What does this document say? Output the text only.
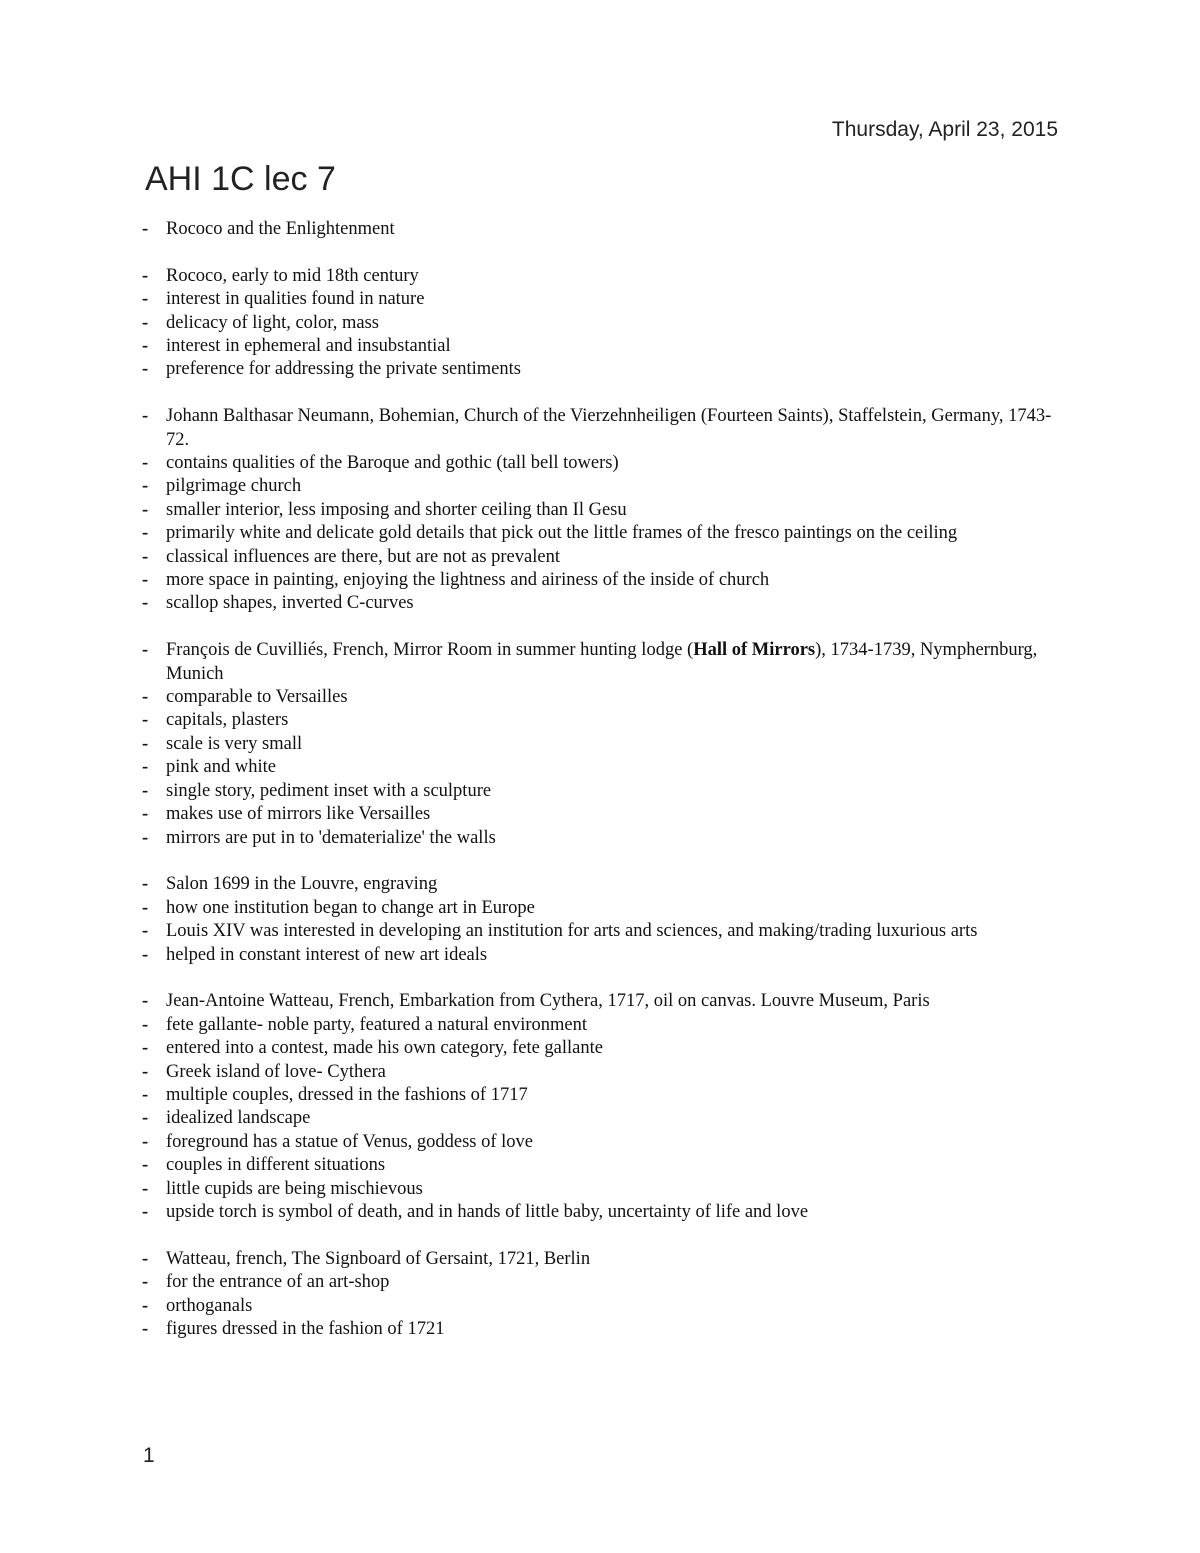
Thursday, April 23, 2015
AHI 1C lec 7
- Rococo and the Enlightenment
- Rococo, early to mid 18th century
- interest in qualities found in nature
- delicacy of light, color, mass
- interest in ephemeral and insubstantial
- preference for addressing the private sentiments
- Johann Balthasar Neumann, Bohemian, Church of the Vierzehnheiligen (Fourteen Saints), Staffelstein, Germany, 1743-72.
- contains qualities of the Baroque and gothic (tall bell towers)
- pilgrimage church
- smaller interior, less imposing and shorter ceiling than Il Gesu
- primarily white and delicate gold details that pick out the little frames of the fresco paintings on the ceiling
- classical influences are there, but are not as prevalent
- more space in painting, enjoying the lightness and airiness of the inside of church
- scallop shapes, inverted C-curves
- François de Cuvilliés, French, Mirror Room in summer hunting lodge (Hall of Mirrors), 1734-1739, Nymphernburg, Munich
- comparable to Versailles
- capitals, plasters
- scale is very small
- pink and white
- single story, pediment inset with a sculpture
- makes use of mirrors like Versailles
- mirrors are put in to 'dematerialize' the walls
- Salon 1699 in the Louvre, engraving
- how one institution began to change art in Europe
- Louis XIV was interested in developing an institution for arts and sciences, and making/trading luxurious arts
- helped in constant interest of new art ideals
- Jean-Antoine Watteau, French, Embarkation from Cythera, 1717, oil on canvas. Louvre Museum, Paris
- fete gallante- noble party, featured a natural environment
- entered into a contest, made his own category, fete gallante
- Greek island of love- Cythera
- multiple couples, dressed in the fashions of 1717
- idealized landscape
- foreground has a statue of Venus, goddess of love
- couples in different situations
- little cupids are being mischievous
- upside torch is symbol of death, and in hands of little baby, uncertainty of life and love
- Watteau, french, The Signboard of Gersaint, 1721, Berlin
- for the entrance of an art-shop
- orthoganals
- figures dressed in the fashion of 1721
1
